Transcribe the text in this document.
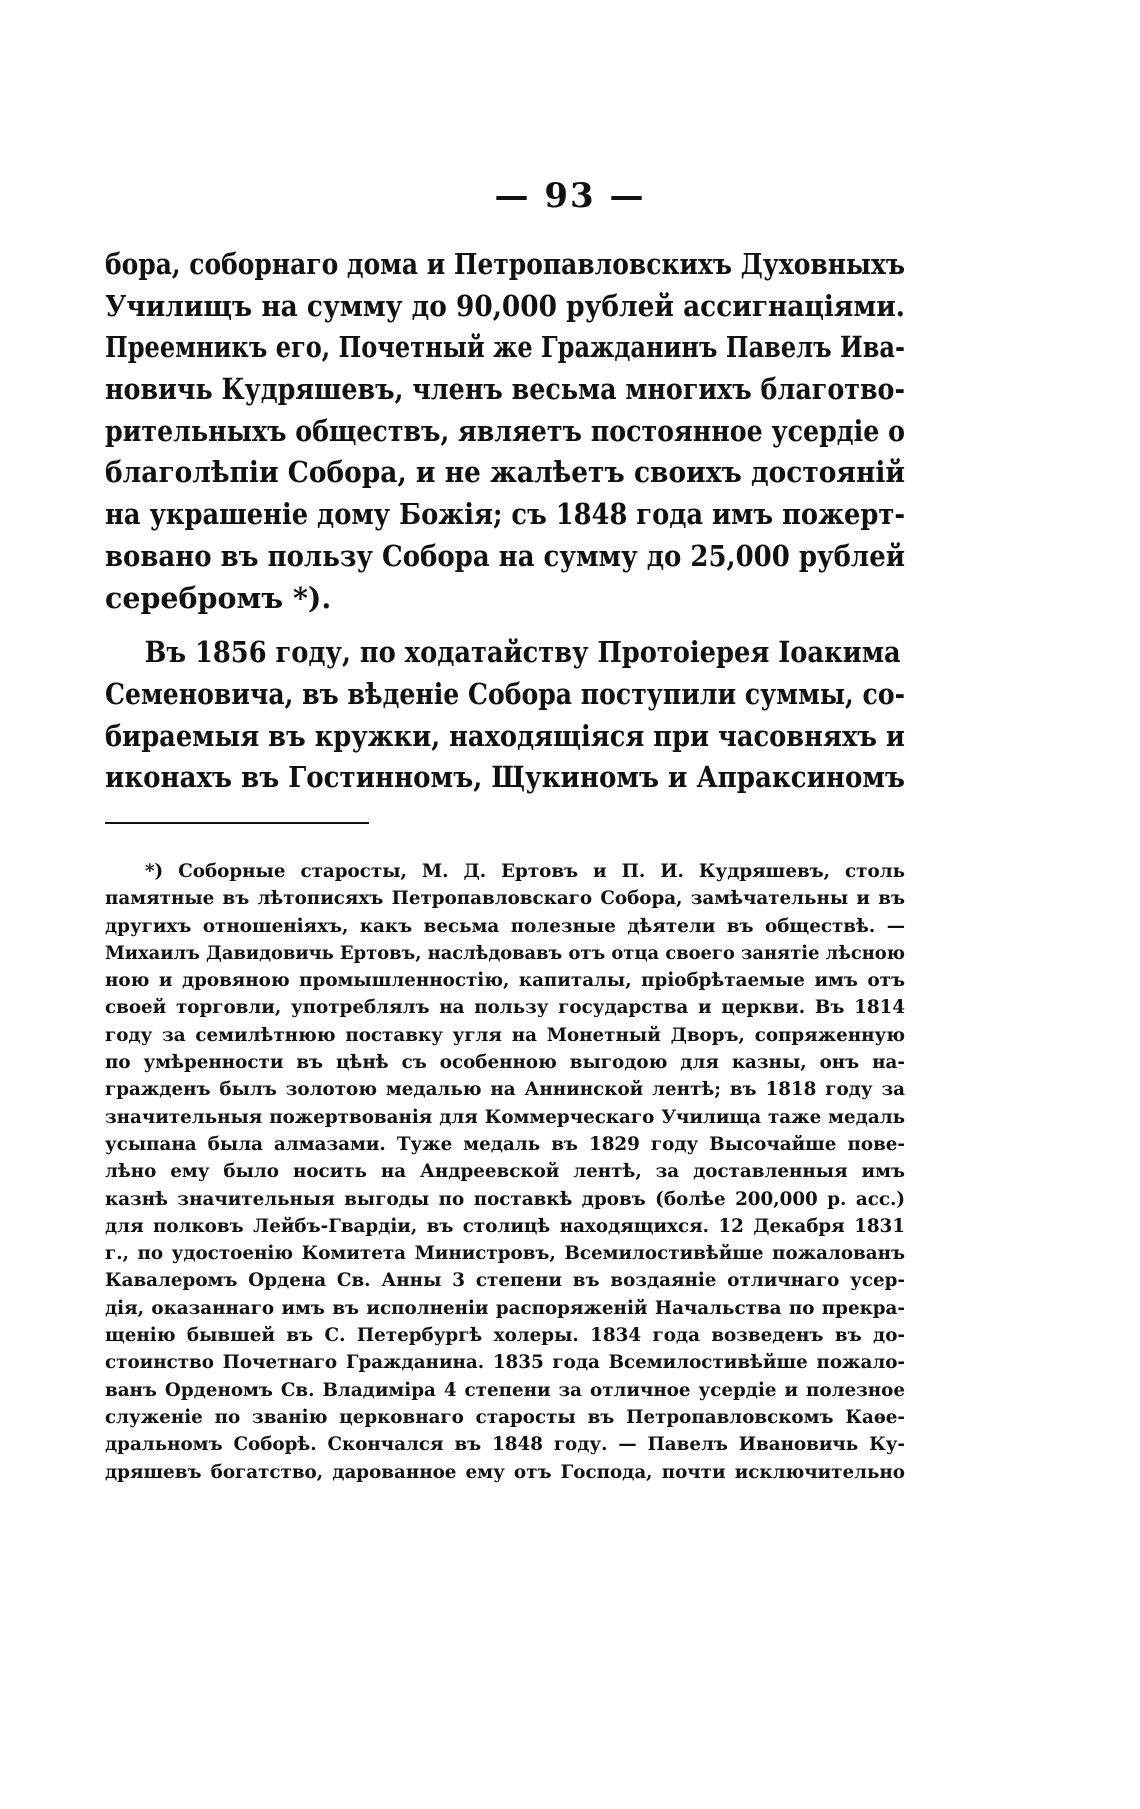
— 93 —
бора, соборнаго дома и Петропавловскихъ Духовныхъ
Училищъ на сумму до 90,000 рублей ассигнаціями.
Преемникъ его, Почетный же Гражданинъ Павелъ Ива-
новичь Кудряшевъ, членъ весьма многихъ благотво-
рительныхъ обществъ, являетъ постоянное усердіе о
благолѣпіи Собора, и не жалѣетъ своихъ достояній
на украшеніе дому Божія; съ 1848 года имъ пожерт-
вовано въ пользу Собора на сумму до 25,000 рублей
серебромъ *).
Въ 1856 году, по ходатайству Протоіерея Іоакима
Семеновича, въ вѣденіе Собора поступили суммы, со-
бираемыя въ кружки, находящіяся при часовняхъ и
иконахъ въ Гостинномъ, Щукиномъ и Апраксиномъ
*) Соборные старосты, М. Д. Ертовъ и П. И. Кудряшевъ, столь
памятные въ лѣтописяхъ Петропавловскаго Собора, замѣчательны и въ
другихъ отношеніяхъ, какъ весьма полезные дѣятели въ обществѣ. —
Михаилъ Давидовичь Ертовъ, наслѣдовавъ отъ отца своего занятіе лѣсною
ною и дровяною промышленностію, капиталы, пріобрѣтаемые имъ отъ
своей торговли, употреблялъ на пользу государства и церкви. Въ 1814
году за семилѣтнюю поставку угля на Монетный Дворъ, сопряженную
по умѣренности въ цѣнѣ съ особенною выгодою для казны, онъ на-
гражденъ былъ золотою медалью на Аннинской лентѣ; въ 1818 году за
значительныя пожертвованія для Коммерческаго Училища таже медаль
усыпана была алмазами. Туже медаль въ 1829 году Высочайше пове-
лѣно ему было носить на Андреевской лентѣ, за доставленныя имъ
казнѣ значительныя выгоды по поставкѣ дровъ (болѣе 200,000 р. асс.)
для полковъ Лейбъ-Гвардіи, въ столицѣ находящихся. 12 Декабря 1831
г., по удостоенію Комитета Министровъ, Всемилостивѣйше пожалованъ
Кавалеромъ Ордена Св. Анны 3 степени въ воздаяніе отличнаго усер-
дія, оказаннаго имъ въ исполненіи распоряженій Начальства по прекра-
щенію бывшей въ С. Петербургѣ холеры. 1834 года возведенъ въ до-
стоинство Почетнаго Гражданина. 1835 года Всемилостивѣйше пожало-
ванъ Орденомъ Св. Владиміра 4 степени за отличное усердіе и полезное
служеніе по званію церковнаго старосты въ Петропавловскомъ Каѳе-
дральномъ Соборѣ. Скончался въ 1848 году. — Павелъ Ивановичь Ку-
дряшевъ богатство, дарованное ему отъ Господа, почти исключительно
